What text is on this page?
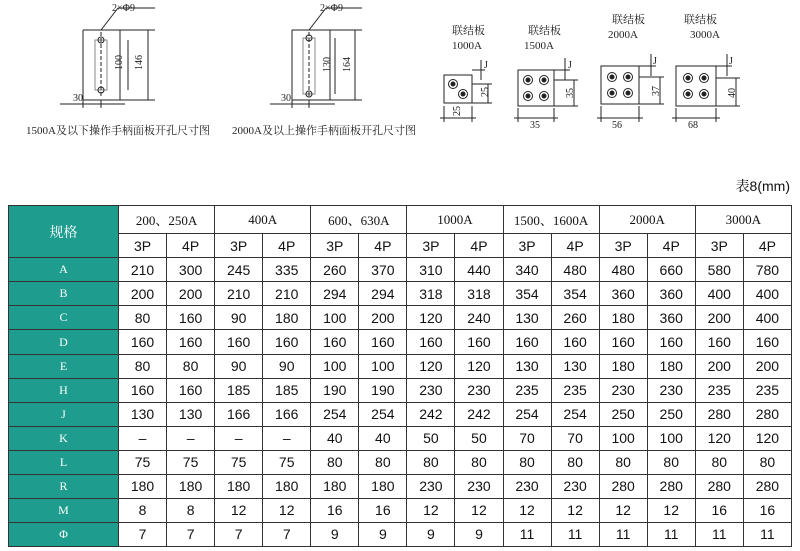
2×Φ9
100 146
30
2×Φ9
130 164
30
联结板
1000A
J
25
25
联结板
1500A
J
35
35
联结板
2000A
J
37
56
联结板
3000A
J
40
68
1500A及以下操作手柄面板开孔尺寸图 2000A及以上操作手柄面板开孔尺寸图
表8(mm)
规格	200、250A		400A		600、630A		1000A		1500、1600A		2000A		3000A	
	3P	4P	3P	4P	3P	4P	3P	4P	3P	4P	3P	4P	3P	4P
A	210	300	245	335	260	370	310	440	340	480	480	660	580	780
B	200	200	210	210	294	294	318	318	354	354	360	360	400	400
C	80	160	90	180	100	200	120	240	130	260	180	360	200	400
D	160	160	160	160	160	160	160	160	160	160	160	160	160	160
E	80	80	90	90	100	100	120	120	130	130	180	180	200	200
H	160	160	185	185	190	190	230	230	235	235	230	230	235	235
J	130	130	166	166	254	254	242	242	254	254	250	250	280	280
K	–	–	–	–	40	40	50	50	70	70	100	100	120	120
L	75	75	75	75	80	80	80	80	80	80	80	80	80	80
R	180	180	180	180	180	180	230	230	230	230	280	280	280	280
M	8	8	12	12	16	16	12	12	12	12	12	12	16	16
Φ	7	7	7	7	9	9	9	9	11	11	11	11	11	11
